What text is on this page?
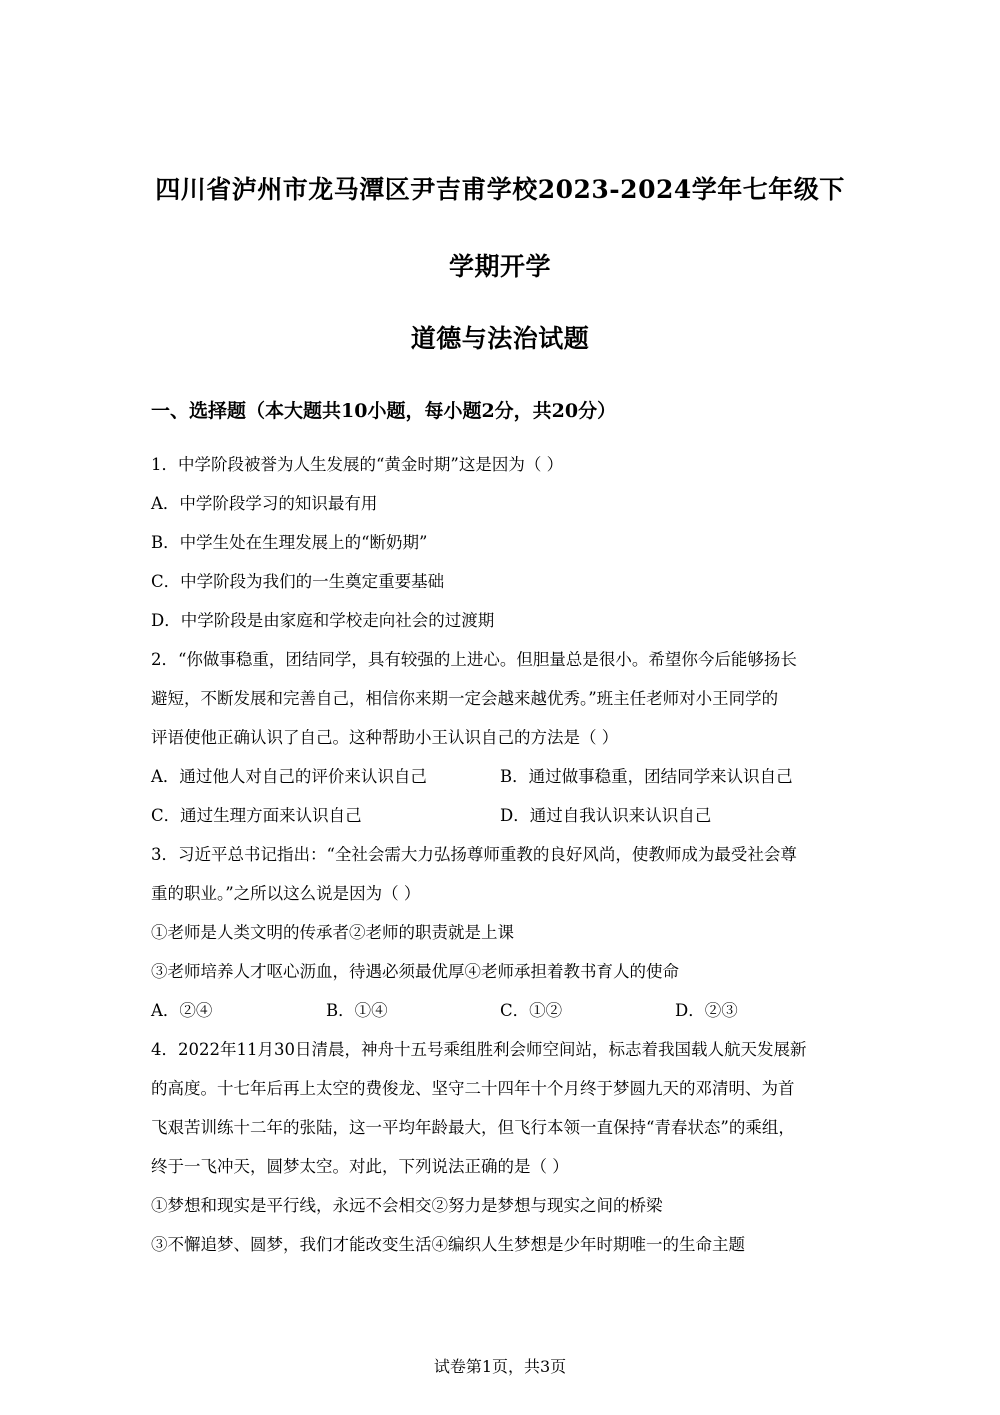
四川省泸州市龙马潭区尹吉甫学校2023-2024学年七年级下
学期开学
道德与法治试题
一、选择题（本大题共10小题，每小题2分，共20分）
1．中学阶段被誉为人生发展的“黄金时期”这是因为（ ）
A．中学阶段学习的知识最有用
B．中学生处在生理发展上的“断奶期”
C．中学阶段为我们的一生奠定重要基础
D．中学阶段是由家庭和学校走向社会的过渡期
2．“你做事稳重，团结同学，具有较强的上进心。但胆量总是很小。希望你今后能够扬长
避短，不断发展和完善自己，相信你来期一定会越来越优秀。”班主任老师对小王同学的
评语使他正确认识了自己。这种帮助小王认识自己的方法是（ ）
A．通过他人对自己的评价来认识自己	B．通过做事稳重，团结同学来认识自己
C．通过生理方面来认识自己	D．通过自我认识来认识自己
3．习近平总书记指出：“全社会需大力弘扬尊师重教的良好风尚，使教师成为最受社会尊
重的职业。”之所以这么说是因为（ ）
①老师是人类文明的传承者②老师的职责就是上课
③老师培养人才呕心沥血，待遇必须最优厚④老师承担着教书育人的使命
A．②④	B．①④	C．①②	D．②③
4．2022年11月30日清晨，神舟十五号乘组胜利会师空间站，标志着我国载人航天发展新
的高度。十七年后再上太空的费俊龙、坚守二十四年十个月终于梦圆九天的邓清明、为首
飞艰苦训练十二年的张陆，这一平均年龄最大，但飞行本领一直保持“青春状态”的乘组，
终于一飞冲天，圆梦太空。对此，下列说法正确的是（ ）
①梦想和现实是平行线，永远不会相交②努力是梦想与现实之间的桥梁
③不懈追梦、圆梦，我们才能改变生活④编织人生梦想是少年时期唯一的生命主题
试卷第1页，共3页
